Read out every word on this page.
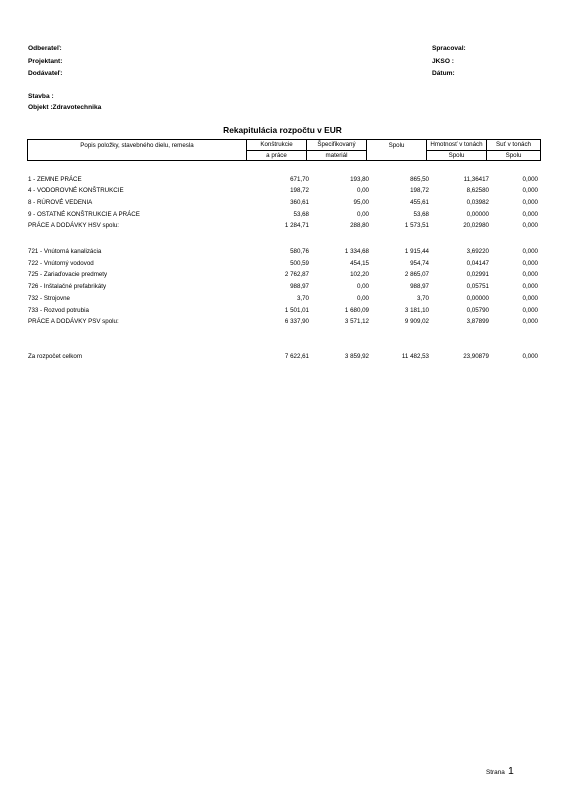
Odberateľ:
Projektant:
Dodávateľ:
Spracoval:
JKSO :
Dátum:
Stavba :
Objekt :Zdravotechnika
Rekapitulácia rozpočtu v EUR
Popis položky, stavebného dielu, remesla	Konštrukcie	Špecifikovaný	Spolu	Hmotnosť v tonách	Suť v tonách
	a práce	materiál		Spolu	Spolu
1 - ZEMNE PRÁCE	671,70	193,80	865,50	11,36417	0,000
4 - VODOROVNÉ KONŠTRUKCIE	198,72	0,00	198,72	8,62580	0,000
8 - RÚROVÉ VEDENIA	360,61	95,00	455,61	0,03982	0,000
9 - OSTATNÉ KONŠTRUKCIE A PRÁCE	53,68	0,00	53,68	0,00000	0,000
PRÁCE A DODÁVKY HSV spolu:	1 284,71	288,80	1 573,51	20,02980	0,000
721 - Vnútorná kanalizácia	580,76	1 334,68	1 915,44	3,69220	0,000
722 - Vnútorný vodovod	500,59	454,15	954,74	0,04147	0,000
725 - Zariaďovacie predmety	2 762,87	102,20	2 865,07	0,02991	0,000
726 - Inštalačné prefabrikáty	988,97	0,00	988,97	0,05751	0,000
732 - Strojovne	3,70	0,00	3,70	0,00000	0,000
733 - Rozvod potrubia	1 501,01	1 680,09	3 181,10	0,05790	0,000
PRÁCE A DODÁVKY PSV spolu:	6 337,90	3 571,12	9 909,02	3,87899	0,000
Za rozpočet celkom	7 622,61	3 859,92	11 482,53	23,90879	0,000
Strana 1
